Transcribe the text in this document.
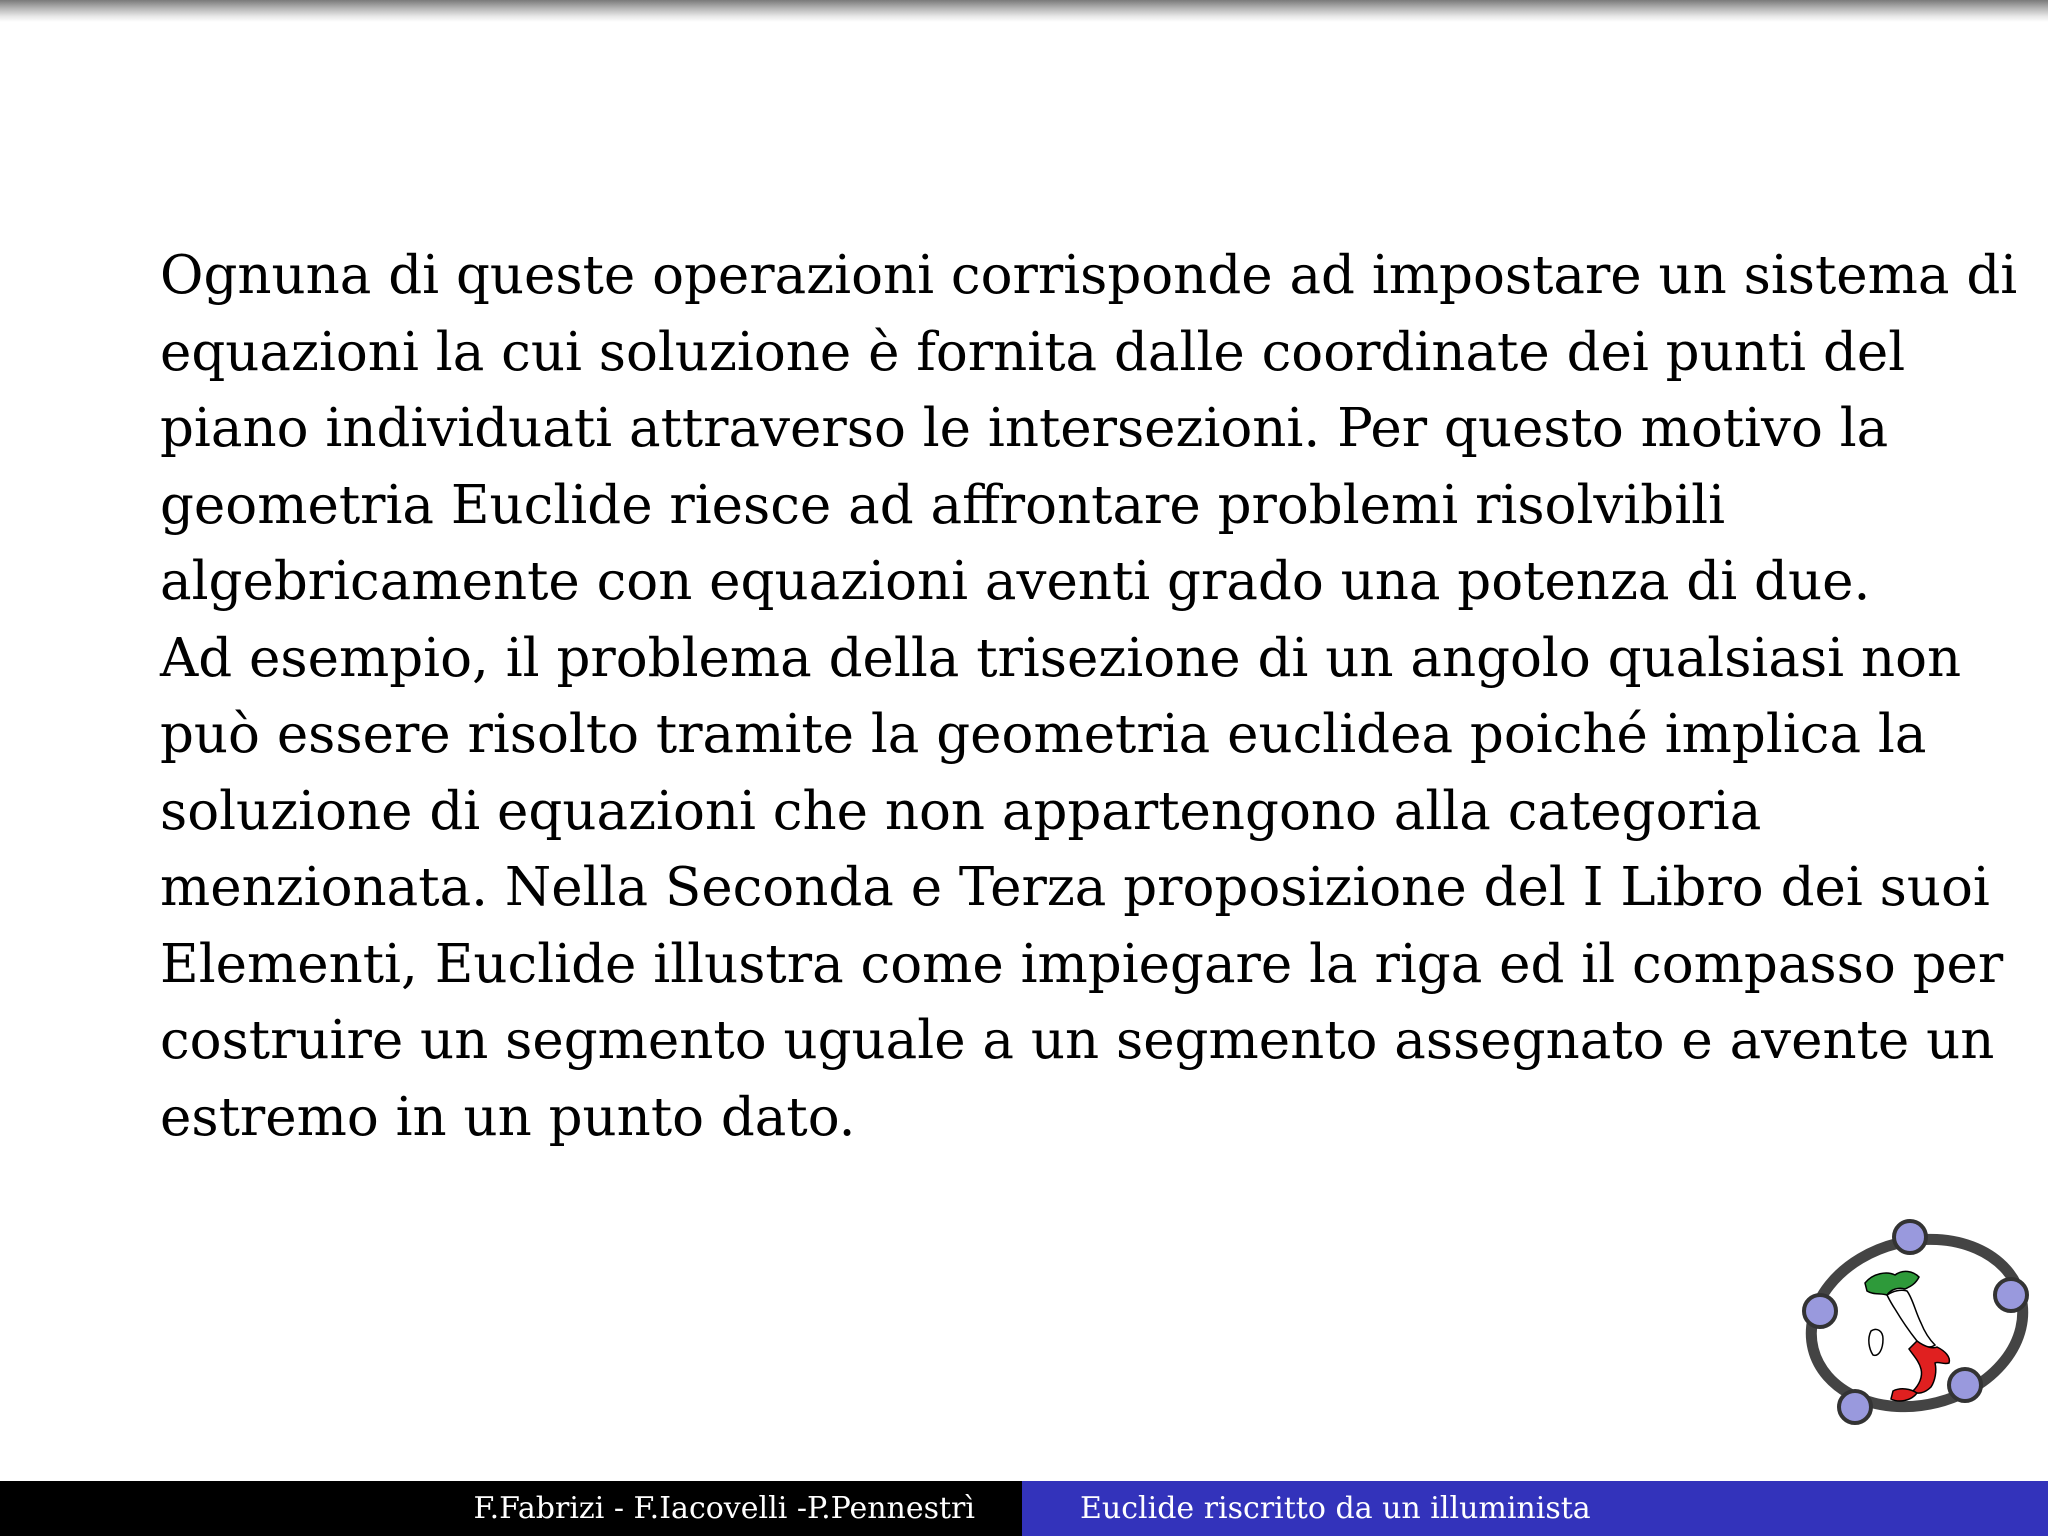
Ognuna di queste operazioni corrisponde ad impostare un sistema di
equazioni la cui soluzione è fornita dalle coordinate dei punti del
piano individuati attraverso le intersezioni. Per questo motivo la
geometria Euclide riesce ad affrontare problemi risolvibili
algebricamente con equazioni aventi grado una potenza di due.
Ad esempio, il problema della trisezione di un angolo qualsiasi non
può essere risolto tramite la geometria euclidea poiché implica la
soluzione di equazioni che non appartengono alla categoria
menzionata. Nella Seconda e Terza proposizione del I Libro dei suoi
Elementi, Euclide illustra come impiegare la riga ed il compasso per
costruire un segmento uguale a un segmento assegnato e avente un
estremo in un punto dato.

F.Fabrizi - F.Iacovelli -P.Pennestrì	Euclide riscritto da un illuminista
